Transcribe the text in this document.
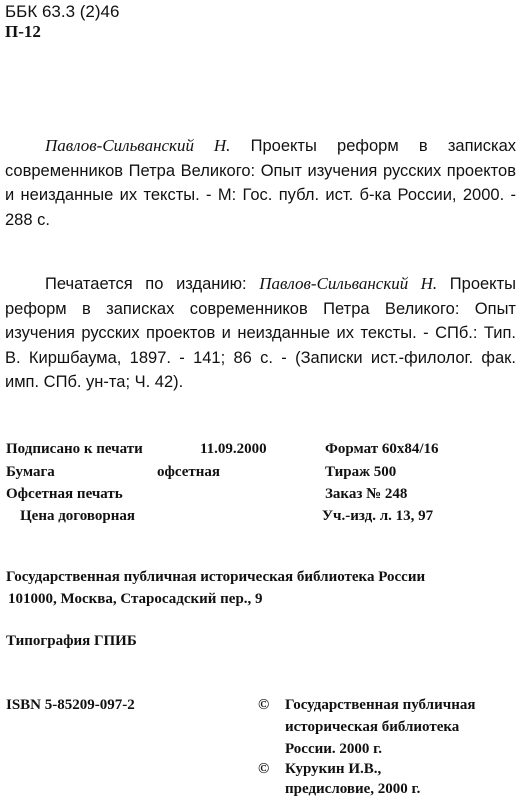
ББК 63.3 (2)46
П-12
Павлов-Сильванский Н. Проекты реформ в записках современников Петра Великого: Опыт изучения русских проектов и неизданные их тексты. - М: Гос. публ. ист. б-ка России, 2000. - 288 с.
Печатается по изданию: Павлов-Сильванский Н. Проекты реформ в записках современников Петра Великого: Опыт изучения русских проектов и неизданные их тексты. - СПб.: Тип. В. Киршбаума, 1897. - 141; 86 с. - (Записки ист.-филолог. фак. имп. СПб. ун-та; Ч. 42).
Подписано к печати	11.09.2000	Формат 60x84/16
Бумага	офсетная	Тираж 500
Офсетная печать	Заказ № 248
Цена договорная	Уч.-изд. л. 13, 97
Государственная публичная историческая библиотека России
101000, Москва, Старосадский пер., 9
Типография ГПИБ
ISBN 5-85209-097-2	© Государственная публичная
историческая библиотека
России. 2000 г.
© Курукин И.В.,
предисловие, 2000 г.
